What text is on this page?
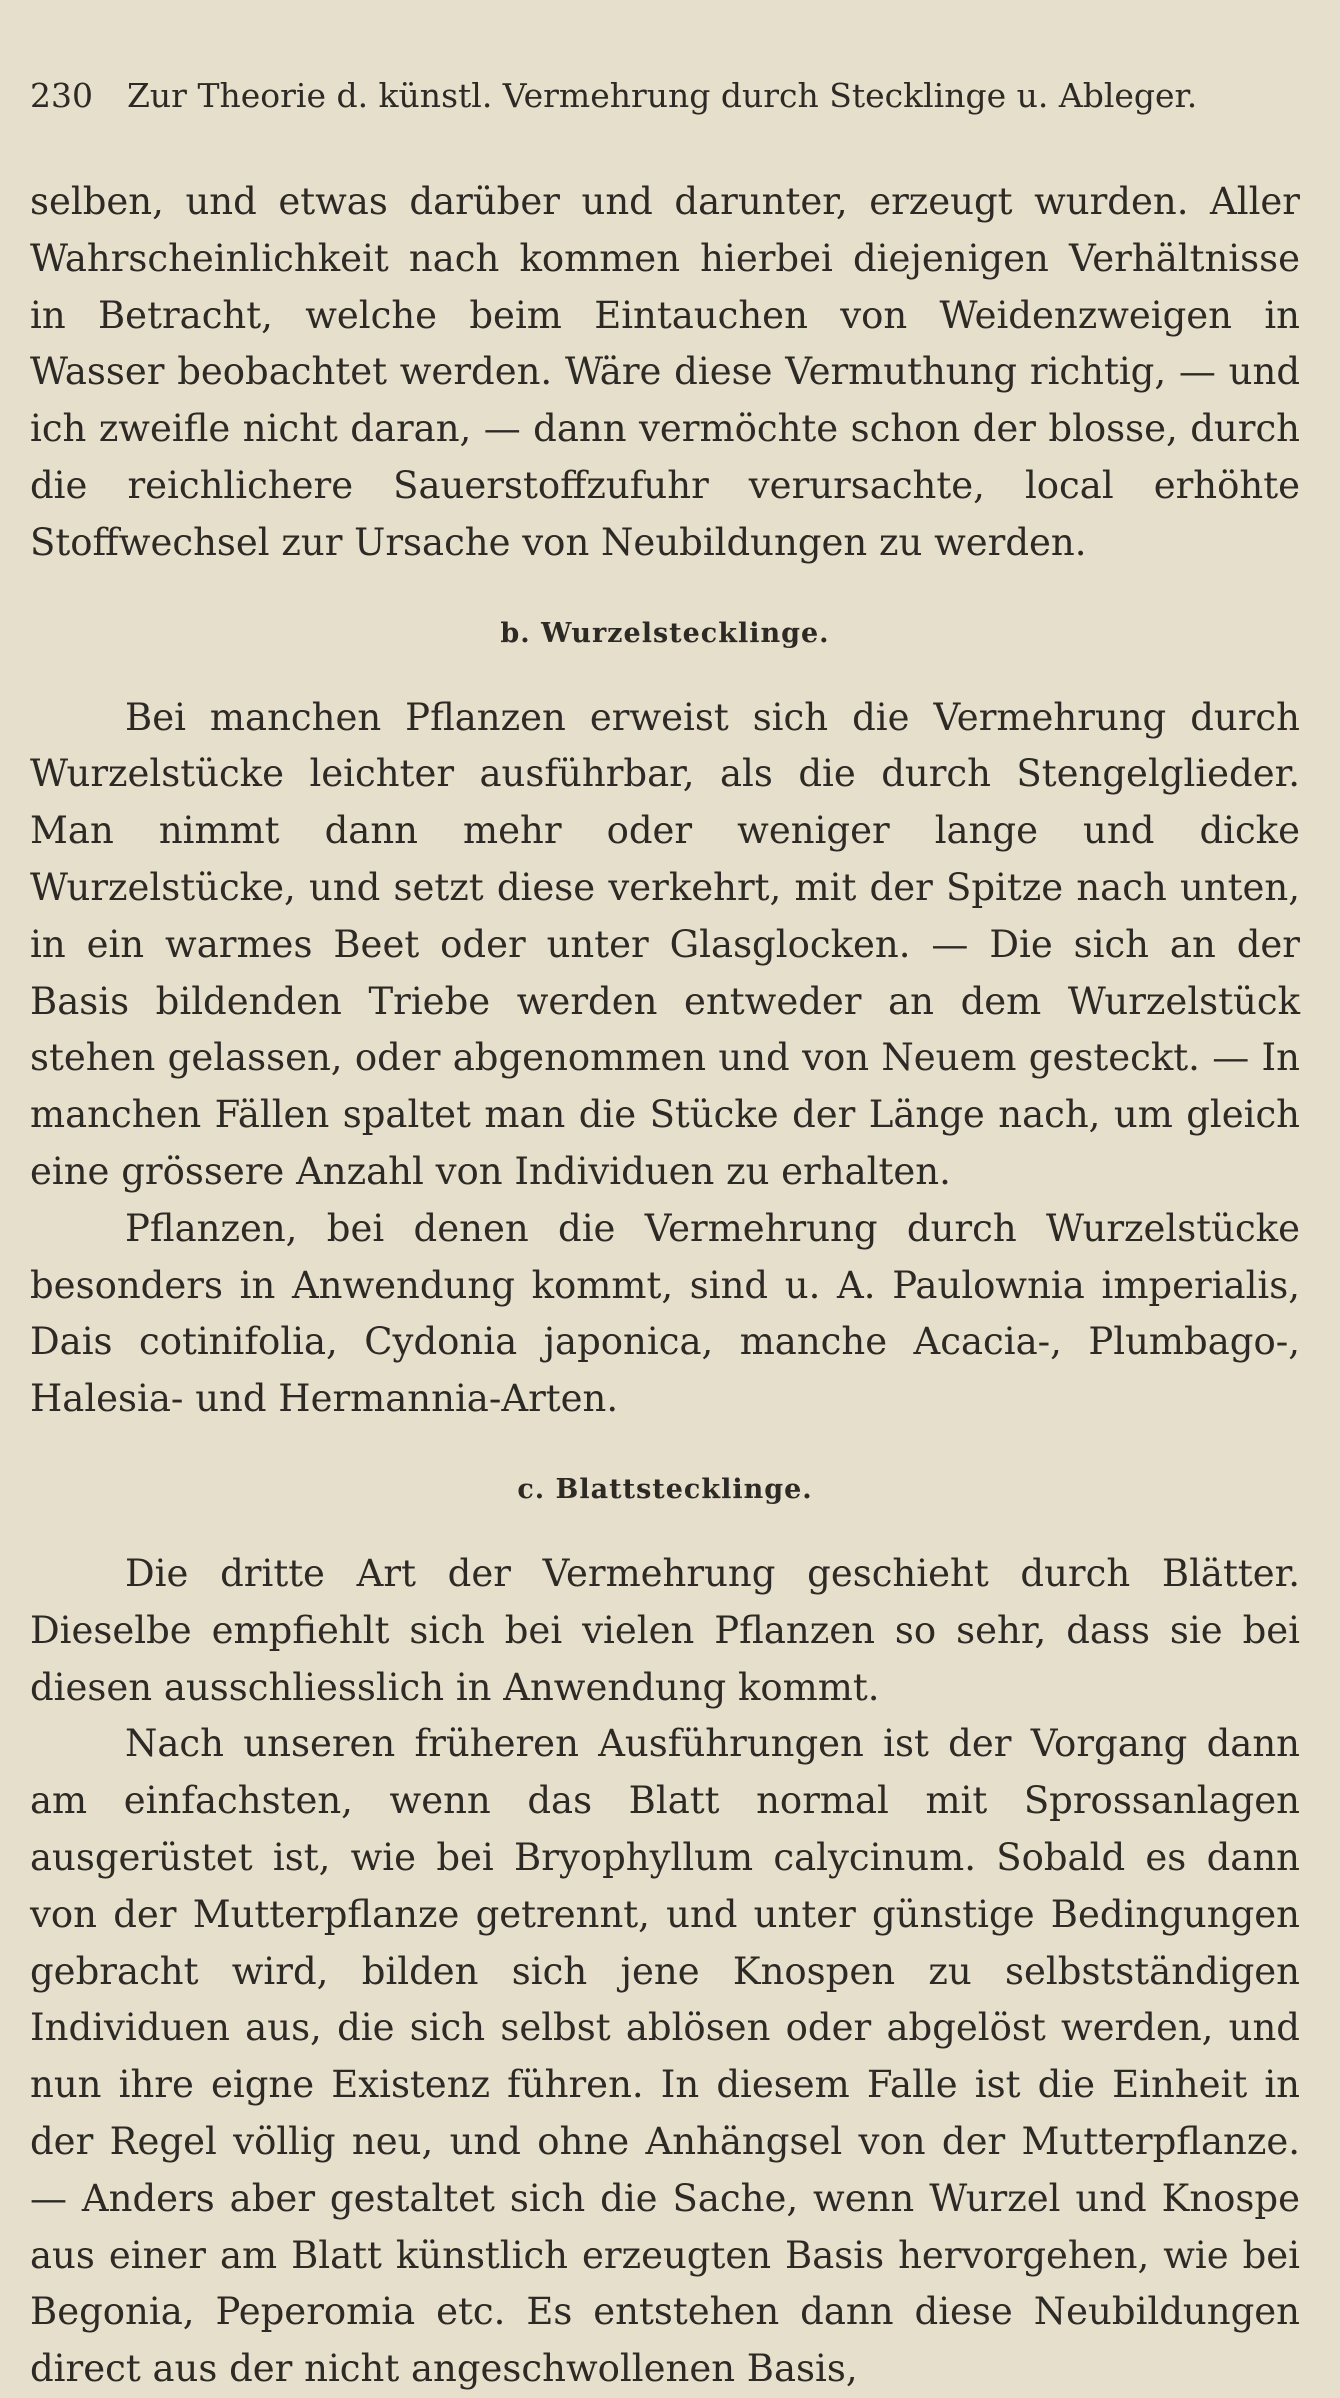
230 Zur Theorie d. künstl. Vermehrung durch Stecklinge u. Ableger.

selben, und etwas darüber und darunter, erzeugt wurden. Aller Wahrscheinlichkeit nach kommen hierbei diejenigen Verhältnisse in Betracht, welche beim Eintauchen von Weidenzweigen in Wasser beobachtet werden. Wäre diese Vermuthung richtig, — und ich zweifle nicht daran, — dann vermöchte schon der blosse, durch die reichlichere Sauerstoffzufuhr verursachte, local erhöhte Stoffwechsel zur Ursache von Neubildungen zu werden.

b. Wurzelstecklinge.

Bei manchen Pflanzen erweist sich die Vermehrung durch Wurzelstücke leichter ausführbar, als die durch Stengelglieder. Man nimmt dann mehr oder weniger lange und dicke Wurzelstücke, und setzt diese verkehrt, mit der Spitze nach unten, in ein warmes Beet oder unter Glasglocken. — Die sich an der Basis bildenden Triebe werden entweder an dem Wurzelstück stehen gelassen, oder abgenommen und von Neuem gesteckt. — In manchen Fällen spaltet man die Stücke der Länge nach, um gleich eine grössere Anzahl von Individuen zu erhalten.

Pflanzen, bei denen die Vermehrung durch Wurzelstücke besonders in Anwendung kommt, sind u. A. Paulownia imperialis, Dais cotinifolia, Cydonia japonica, manche Acacia-, Plumbago-, Halesia- und Hermannia-Arten.

c. Blattstecklinge.

Die dritte Art der Vermehrung geschieht durch Blätter. Dieselbe empfiehlt sich bei vielen Pflanzen so sehr, dass sie bei diesen ausschliesslich in Anwendung kommt.

Nach unseren früheren Ausführungen ist der Vorgang dann am einfachsten, wenn das Blatt normal mit Sprossanlagen ausgerüstet ist, wie bei Bryophyllum calycinum. Sobald es dann von der Mutterpflanze getrennt, und unter günstige Bedingungen gebracht wird, bilden sich jene Knospen zu selbstständigen Individuen aus, die sich selbst ablösen oder abgelöst werden, und nun ihre eigne Existenz führen. In diesem Falle ist die Einheit in der Regel völlig neu, und ohne Anhängsel von der Mutterpflanze. — Anders aber gestaltet sich die Sache, wenn Wurzel und Knospe aus einer am Blatt künstlich erzeugten Basis hervorgehen, wie bei Begonia, Peperomia etc. Es entstehen dann diese Neubildungen direct aus der nicht angeschwollenen Basis,
